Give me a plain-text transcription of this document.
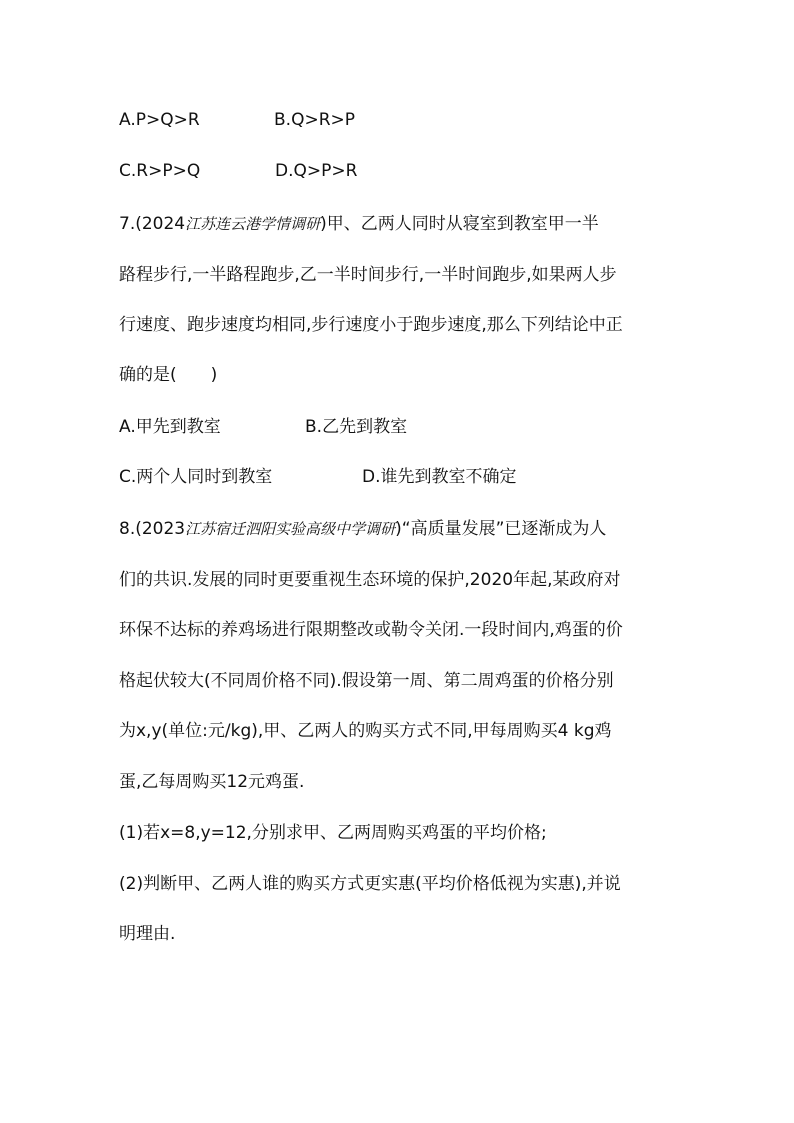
A.P>Q>R	B.Q>R>P
C.R>P>Q	D.Q>P>R
7.(2024江苏连云港学情调研)甲、乙两人同时从寝室到教室甲一半
路程步行,一半路程跑步,乙一半时间步行,一半时间跑步,如果两人步
行速度、跑步速度均相同,步行速度小于跑步速度,那么下列结论中正
确的是(　　)
A.甲先到教室	B.乙先到教室
C.两个人同时到教室	D.谁先到教室不确定
8.(2023江苏宿迁泗阳实验高级中学调研)“高质量发展”已逐渐成为人
们的共识.发展的同时更要重视生态环境的保护,2020年起,某政府对
环保不达标的养鸡场进行限期整改或勒令关闭.一段时间内,鸡蛋的价
格起伏较大(不同周价格不同).假设第一周、第二周鸡蛋的价格分别
为x,y(单位:元/kg),甲、乙两人的购买方式不同,甲每周购买4 kg鸡
蛋,乙每周购买12元鸡蛋.
(1)若x=8,y=12,分别求甲、乙两周购买鸡蛋的平均价格;
(2)判断甲、乙两人谁的购买方式更实惠(平均价格低视为实惠),并说
明理由.
